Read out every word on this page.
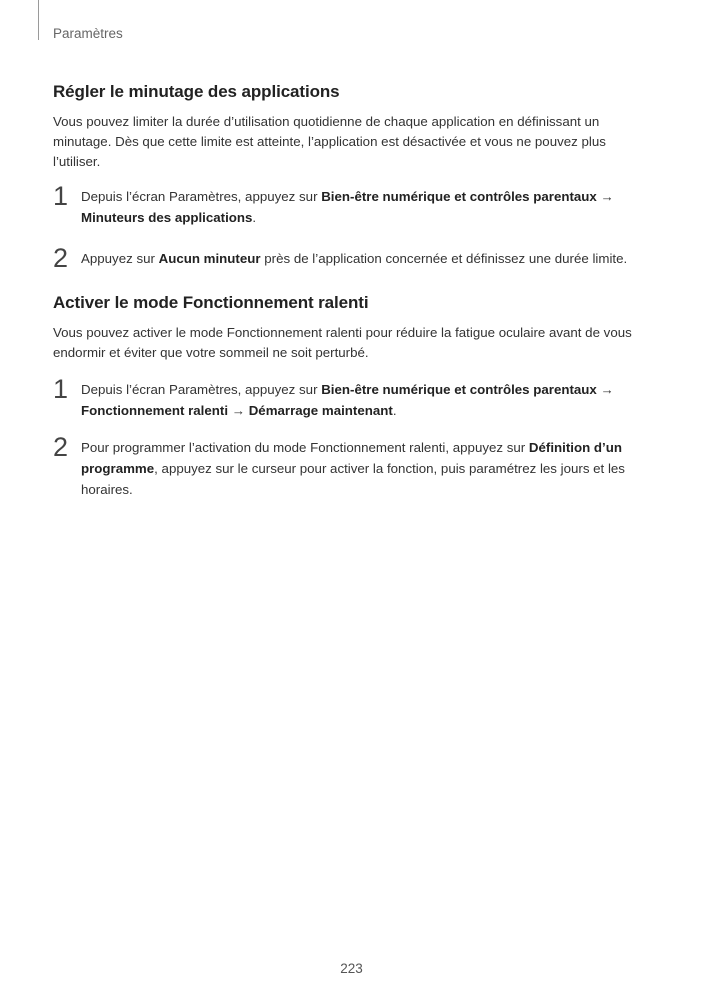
Paramètres
Régler le minutage des applications

Vous pouvez limiter la durée d’utilisation quotidienne de chaque application en définissant un
minutage. Dès que cette limite est atteinte, l’application est désactivée et vous ne pouvez plus
l’utiliser.

1 Depuis l’écran Paramètres, appuyez sur Bien-être numérique et contrôles parentaux →
Minuteurs des applications.
2 Appuyez sur Aucun minuteur près de l’application concernée et définissez une durée limite.
Activer le mode Fonctionnement ralenti

Vous pouvez activer le mode Fonctionnement ralenti pour réduire la fatigue oculaire avant de vous
endormir et éviter que votre sommeil ne soit perturbé.

1 Depuis l’écran Paramètres, appuyez sur Bien-être numérique et contrôles parentaux →
Fonctionnement ralenti → Démarrage maintenant.
2 Pour programmer l’activation du mode Fonctionnement ralenti, appuyez sur Définition d’un
programme, appuyez sur le curseur pour activer la fonction, puis paramétrez les jours et les
horaires.
223
